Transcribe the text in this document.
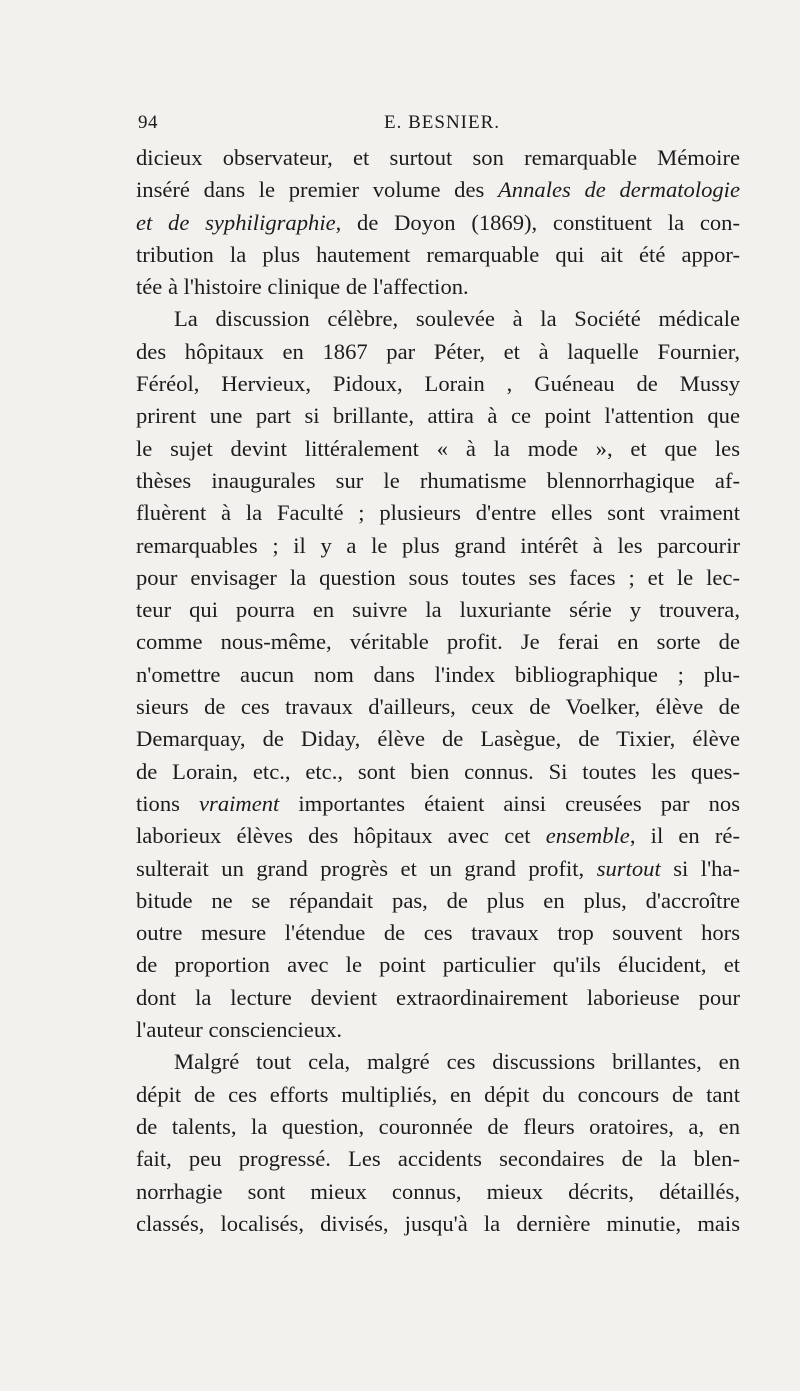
94	E. BESNIER.
dicieux observateur, et surtout son remarquable Mémoire
inséré dans le premier volume des Annales de dermatologie
et de syphiligraphie, de Doyon (1869), constituent la con-
tribution la plus hautement remarquable qui ait été appor-
tée à l'histoire clinique de l'affection.
La discussion célèbre, soulevée à la Société médicale
des hôpitaux en 1867 par Péter, et à laquelle Fournier,
Féréol, Hervieux, Pidoux, Lorain , Guéneau de Mussy
prirent une part si brillante, attira à ce point l'attention que
le sujet devint littéralement « à la mode », et que les
thèses inaugurales sur le rhumatisme blennorrhagique af-
fluèrent à la Faculté ; plusieurs d'entre elles sont vraiment
remarquables ; il y a le plus grand intérêt à les parcourir
pour envisager la question sous toutes ses faces ; et le lec-
teur qui pourra en suivre la luxuriante série y trouvera,
comme nous-même, véritable profit. Je ferai en sorte de
n'omettre aucun nom dans l'index bibliographique ; plu-
sieurs de ces travaux d'ailleurs, ceux de Voelker, élève de
Demarquay, de Diday, élève de Lasègue, de Tixier, élève
de Lorain, etc., etc., sont bien connus. Si toutes les ques-
tions vraiment importantes étaient ainsi creusées par nos
laborieux élèves des hôpitaux avec cet ensemble, il en ré-
sulterait un grand progrès et un grand profit, surtout si l'ha-
bitude ne se répandait pas, de plus en plus, d'accroître
outre mesure l'étendue de ces travaux trop souvent hors
de proportion avec le point particulier qu'ils élucident, et
dont la lecture devient extraordinairement laborieuse pour
l'auteur consciencieux.
Malgré tout cela, malgré ces discussions brillantes, en
dépit de ces efforts multipliés, en dépit du concours de tant
de talents, la question, couronnée de fleurs oratoires, a, en
fait, peu progressé. Les accidents secondaires de la blen-
norrhagie sont mieux connus, mieux décrits, détaillés,
classés, localisés, divisés, jusqu'à la dernière minutie, mais
